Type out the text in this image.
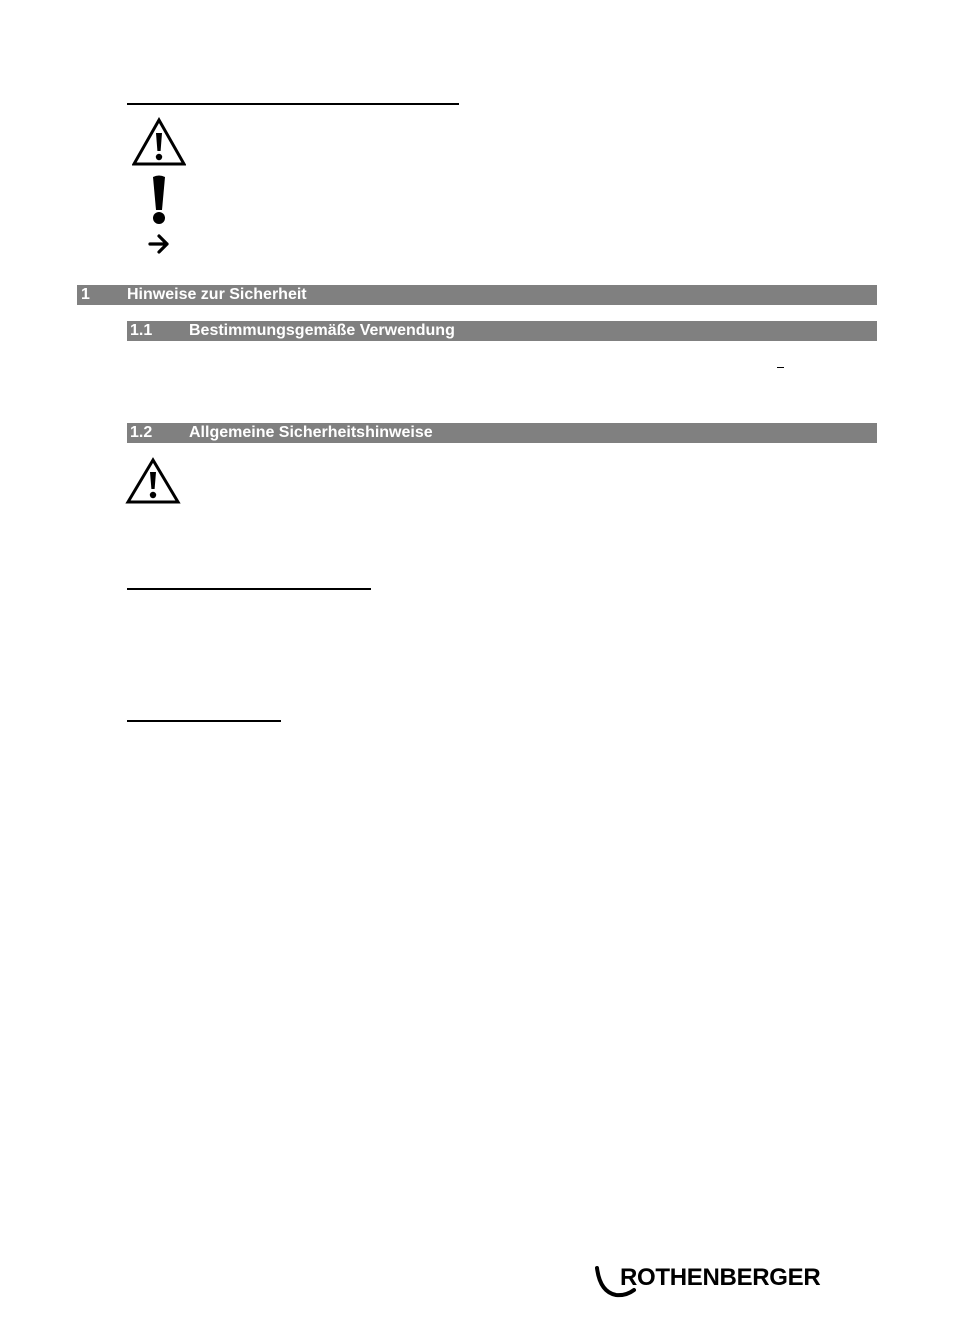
1 Hinweise zur Sicherheit
1.1 Bestimmungsgemäße Verwendung
1.2 Allgemeine Sicherheitshinweise
ROTHENBERGER
